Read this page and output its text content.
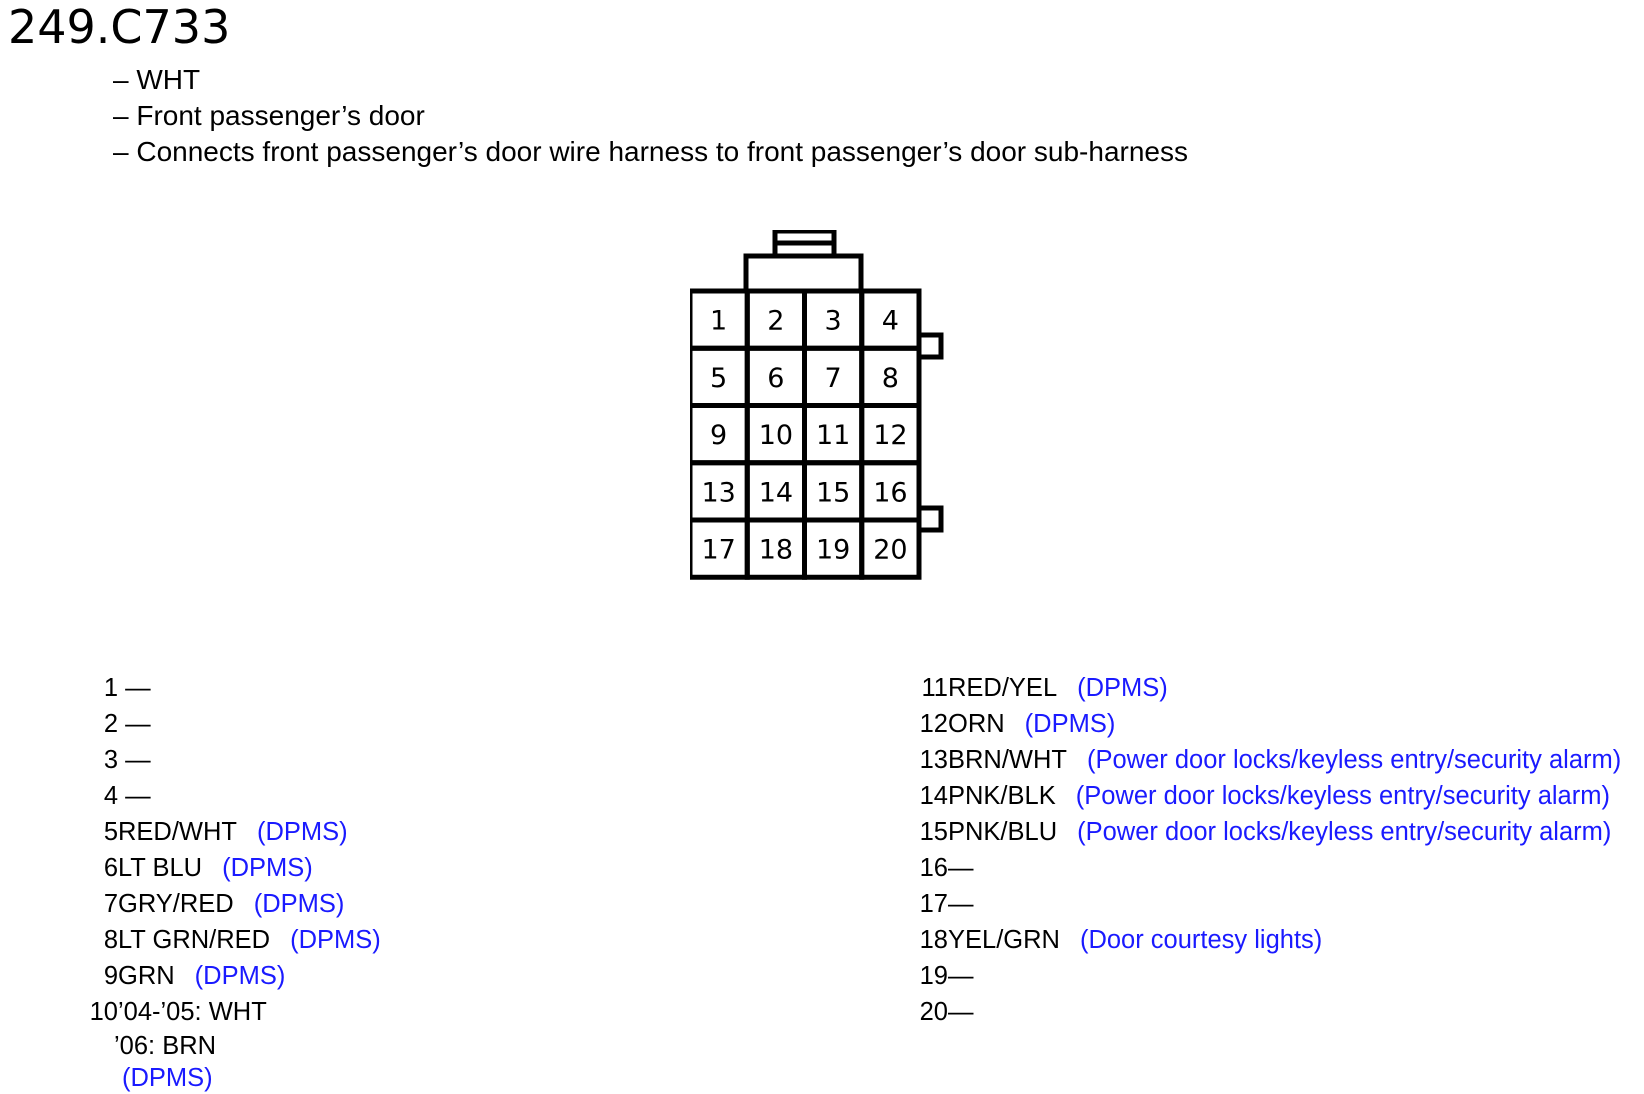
249.C733
– WHT
– Front passenger’s door
– Connects front passenger’s door wire harness to front passenger’s door sub-harness
1 2 3 4
5 6 7 8
9 10 11 12
13 14 15 16
17 18 19 20
1 —
2 —
3 —
4 —
5RED/WHT (DPMS)
6LT BLU (DPMS)
7GRY/RED (DPMS)
8LT GRN/RED (DPMS)
9GRN (DPMS)
10’04-’05: WHT
’06: BRN
(DPMS)
11RED/YEL (DPMS)
12ORN (DPMS)
13BRN/WHT (Power door locks/keyless entry/security alarm)
14PNK/BLK (Power door locks/keyless entry/security alarm)
15PNK/BLU (Power door locks/keyless entry/security alarm)
16—
17—
18YEL/GRN (Door courtesy lights)
19—
20—
